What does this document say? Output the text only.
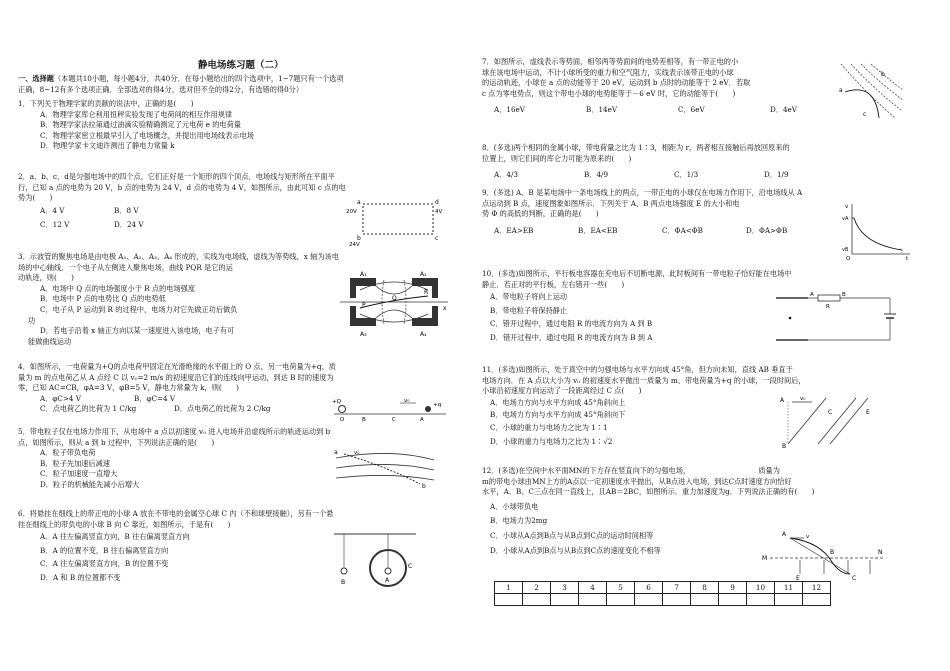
静电场练习题（二）

一、选择题（本题共10小题，每小题4分，共40分．在每小题给出的四个选项中，1~7题只有一个选项

正确，8~12有多个选项正确．全部选对的得4分，选对但不全的得2分，有选错的得0分）

1．下列关于物理学家的贡献的说法中，正确的是(　　)

A．物理学家库仑利用扭秤实验发现了电荷间的相互作用规律

B．物理学家法拉第通过油滴实验精确测定了元电荷 e 的电荷量

C．物理学家密立根最早引入了电场概念，并提出用电场线表示电场

D．物理学家卡文迪许测出了静电力常量 k

2．a、b、c、d是匀强电场中的四个点，它们正好是一个矩形的四个顶点．电场线与矩形所在平面平

行，已知 a 点的电势为 20 V，b 点的电势为 24 V，d 点的电势为 4 V，如图所示，由此可知 c 点的电

势为(　　)

A．4 V	B．8 V
C．12 V	D．24 V
a	d
b	c
20V	4V
24V

3．示波管的聚焦电场是由电极 A₁、A₂、A₃、A₄ 形成的，实线为电场线，虚线为等势线，x 轴为该电

场的中心轴线．一个电子从左侧进入聚焦电场，曲线 PQR 是它的运

动轨迹，则(　　)

A．电场中 Q 点的电场强度小于 R 点的电场强度

B．电场中 P 点的电势比 Q 点的电势低

C．电子从 P 运动到 R 的过程中，电场力对它先做正功后做负

功

D．若电子沿着 x 轴正方向以某一速度进入该电场，电子有可

能做曲线运动

A₁	A₂
A₃	A₄
P
Q
R
x

4．如图所示，一电荷量为+Q的点电荷甲固定在光滑绝缘的水平面上的 O 点，另一电荷量为+q、质

量为 m 的点电荷乙从 A 点经 C 以 v₀=2 m/s 的初速度沿它们的连线向甲运动，到达 B 时的速度为

零，已知 AC=CB，φA=3 V，φB=5 V，静电力常量为 k，则(　　)

A．φC>4 V	B．φC=4 V
C．点电荷乙的比荷为 1 C/kg	D．点电荷乙的比荷为 2 C/kg
+Q
O	B	C	A
v₀
+q

5．带电粒子仅在电场力作用下，从电场中 a 点以初速度 v₀ 进入电场并沿虚线所示的轨迹运动到 b

点，如图所示，则从 a 到 b 过程中，下列说法正确的是(　　)

A．粒子带负电荷

B．粒子先加速后减速

C．粒子加速度一直增大

D．粒子的机械能先减小后增大

a	v₀
b

6．将悬挂在细线上的带正电的小球 A 放在不带电的金属空心球 C 内（不和球壁接触），另有一个悬

挂在细线上的带负电的小球 B 向 C 靠近，如图所示，于是有(　　)

A．A 往左偏离竖直方向，B 往右偏离竖直方向

B．A 的位置不变，B 往右偏离竖直方向

C．A 往左偏离竖直方向，B 的位置不变

D．A 和 B 的位置都不变

B	A
C

7．如图所示，虚线表示等势面，相邻两等势面间的电势差相等，有一带正电的小

球在该电场中运动，不计小球所受的重力和空气阻力，实线表示该带正电的小球

的运动轨迹，小球在 a 点的动能等于 20 eV，运动到 b 点时的动能等于 2 eV．若取

c 点为零电势点，则这个带电小球的电势能等于－6 eV 时，它的动能等于(　　)

A．16eV	B．14eV	C．6eV	D．4eV
a
b
c

8．(多选)两个相同的金属小球，带电荷量之比为 1∶3，相距为 r，两者相互接触后再放回原来的

位置上，则它们间的库仑力可能为原来的(　　)

A．4/3	B．4/9	C．1/3	D．1/9

9．(多选) A、B 是某电场中一条电场线上的两点，一带正电的小球仅在电场力作用下，沿电场线从 A

点运动到 B 点，速度图象如图所示．下列关于 A、B 两点电场强度 E 的大小和电

势 Φ 的高低的判断，正确的是(　　)

A．EA>EB	B．EA<EB	C．ΦA<ΦB	D．ΦA>ΦB
v
vA
vB
t
O

10．(多选)如图所示，平行板电容器在充电后不切断电源，此时板间有一带电粒子恰好能在电场中

静止．若正对的平行板，左右错开一些(　　)

A．带电粒子将向上运动

B．带电粒子将保持静止

C．错开过程中，通过电阻 R 的电流方向为 A 到 B

D．错开过程中，通过电阻 R 的电流方向为 B 到 A

A
R
B

11．(多选)如图所示，处于真空中的匀强电场与水平方向成 45°角，但方向未知，直线 AB 垂直于

电场方向．在 A 点以大小为 v₀ 的初速度水平抛出一质量为 m、带电荷量为+q 的小球，一段时间后，

小球沿初速度方向运动了一段距离经过 C 点(　　)

A．电场力方向与水平方向成 45°角斜向上

B．电场力方向与水平方向成 45°角斜向下

C．小球的重力与电场力之比为 1∶1

D．小球的重力与电场力之比为 1∶√2

A	v₀
B
C	E

12．(多选)在空间中水平面MN的下方存在竖直向下的匀强电场，　　　　　　　　　　质量为

m的带电小球由MN上方的A点以一定初速度水平抛出，从B点进入电场，到达C点时速度方向恰好

水平，A、B、C三点在同一直线上，且AB＝2BC，如图所示．重力加速度为g．下列说法正确的有(　　)

A．小球带负电

B．电场力为2mg

C．小球从A点到B点与从B点到C点的运动时间相等

D．小球从A点到B点与从B点到C点的速度变化不相等

A	v
M
N
B
C
E
1	2	3	4	5	6	7	8	9	10	11	12
